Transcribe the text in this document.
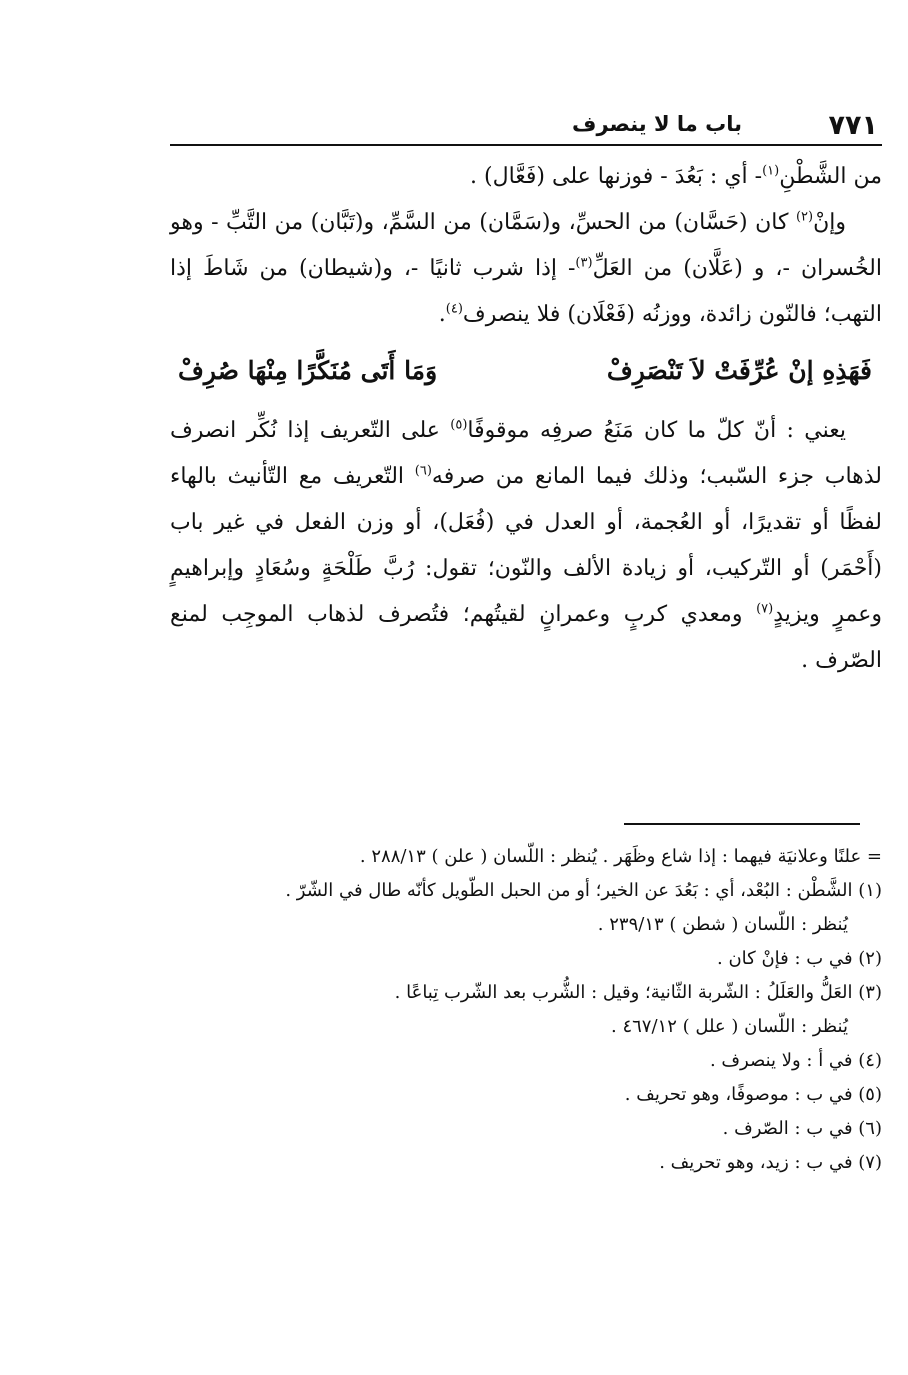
٧٧١
باب ما لا ينصرف

من الشَّطْنِ$^{(١)}$- أي : بَعُدَ - فوزنها على (فَعَّال) .

وإنْ$^{(٢)}$ كان (حَسَّان) من الحسِّ، و(سَمَّان) من السَّمِّ، و(تَبَّان) من التَّبِّ - وهو الخُسران -، و (عَلَّان) من العَلِّ$^{(٣)}$- إذا شرب ثانيًا -، و(شيطان) من شَاطَ إذا التهب؛ فالنّون زائدة، ووزنُه (فَعْلَان) فلا ينصرف$^{(٤)}$.

فَهَذِهِ إنْ عُرِّفَتْ لاَ تَنْصَرِفْ
وَمَا أَتَى مُنَكَّرًا مِنْهَا صُرِفْ

يعني : أنّ كلّ ما كان مَنَعُ صرفِه موقوفًا$^{(٥)}$ على التّعريف إذا نُكِّر انصرف لذهاب جزء السّبب؛ وذلك فيما المانع من صرفه$^{(٦)}$ التّعريف مع التّأنيث بالهاء لفظًا أو تقديرًا، أو العُجمة، أو العدل في (فُعَل)، أو وزن الفعل في غير باب (أَحْمَر) أو التّركيب، أو زيادة الألف والنّون؛ تقول: رُبَّ طَلْحَةٍ وسُعَادٍ وإبراهيمٍ وعمرٍ ويزيدٍ$^{(٧)}$ ومعدي كربٍ وعمرانٍ لقيتُهم؛ فتُصرف لذهاب الموجِب لمنع الصّرف .

= علنًا وعلانيَة فيهما : إذا شاع وظَهَر . يُنظر : اللّسان ( علن ) ٢٨٨/١٣ .

(١) الشَّطْن : البُعْد، أي : بَعُدَ عن الخير؛ أو من الحبل الطّويل كأنّه طال في الشّرّ .

يُنظر : اللّسان ( شطن ) ٢٣٩/١٣ .

(٢) في ب : فإنْ كان .

(٣) العَلُّ والعَلَلُ : الشّربة الثّانية؛ وقيل : الشُّرب بعد الشّرب تِباعًا .

يُنظر : اللّسان ( علل ) ٤٦٧/١٢ .

(٤) في أ : ولا ينصرف .

(٥) في ب : موصوفًا، وهو تحريف .

(٦) في ب : الصّرف .

(٧) في ب : زيد، وهو تحريف .
